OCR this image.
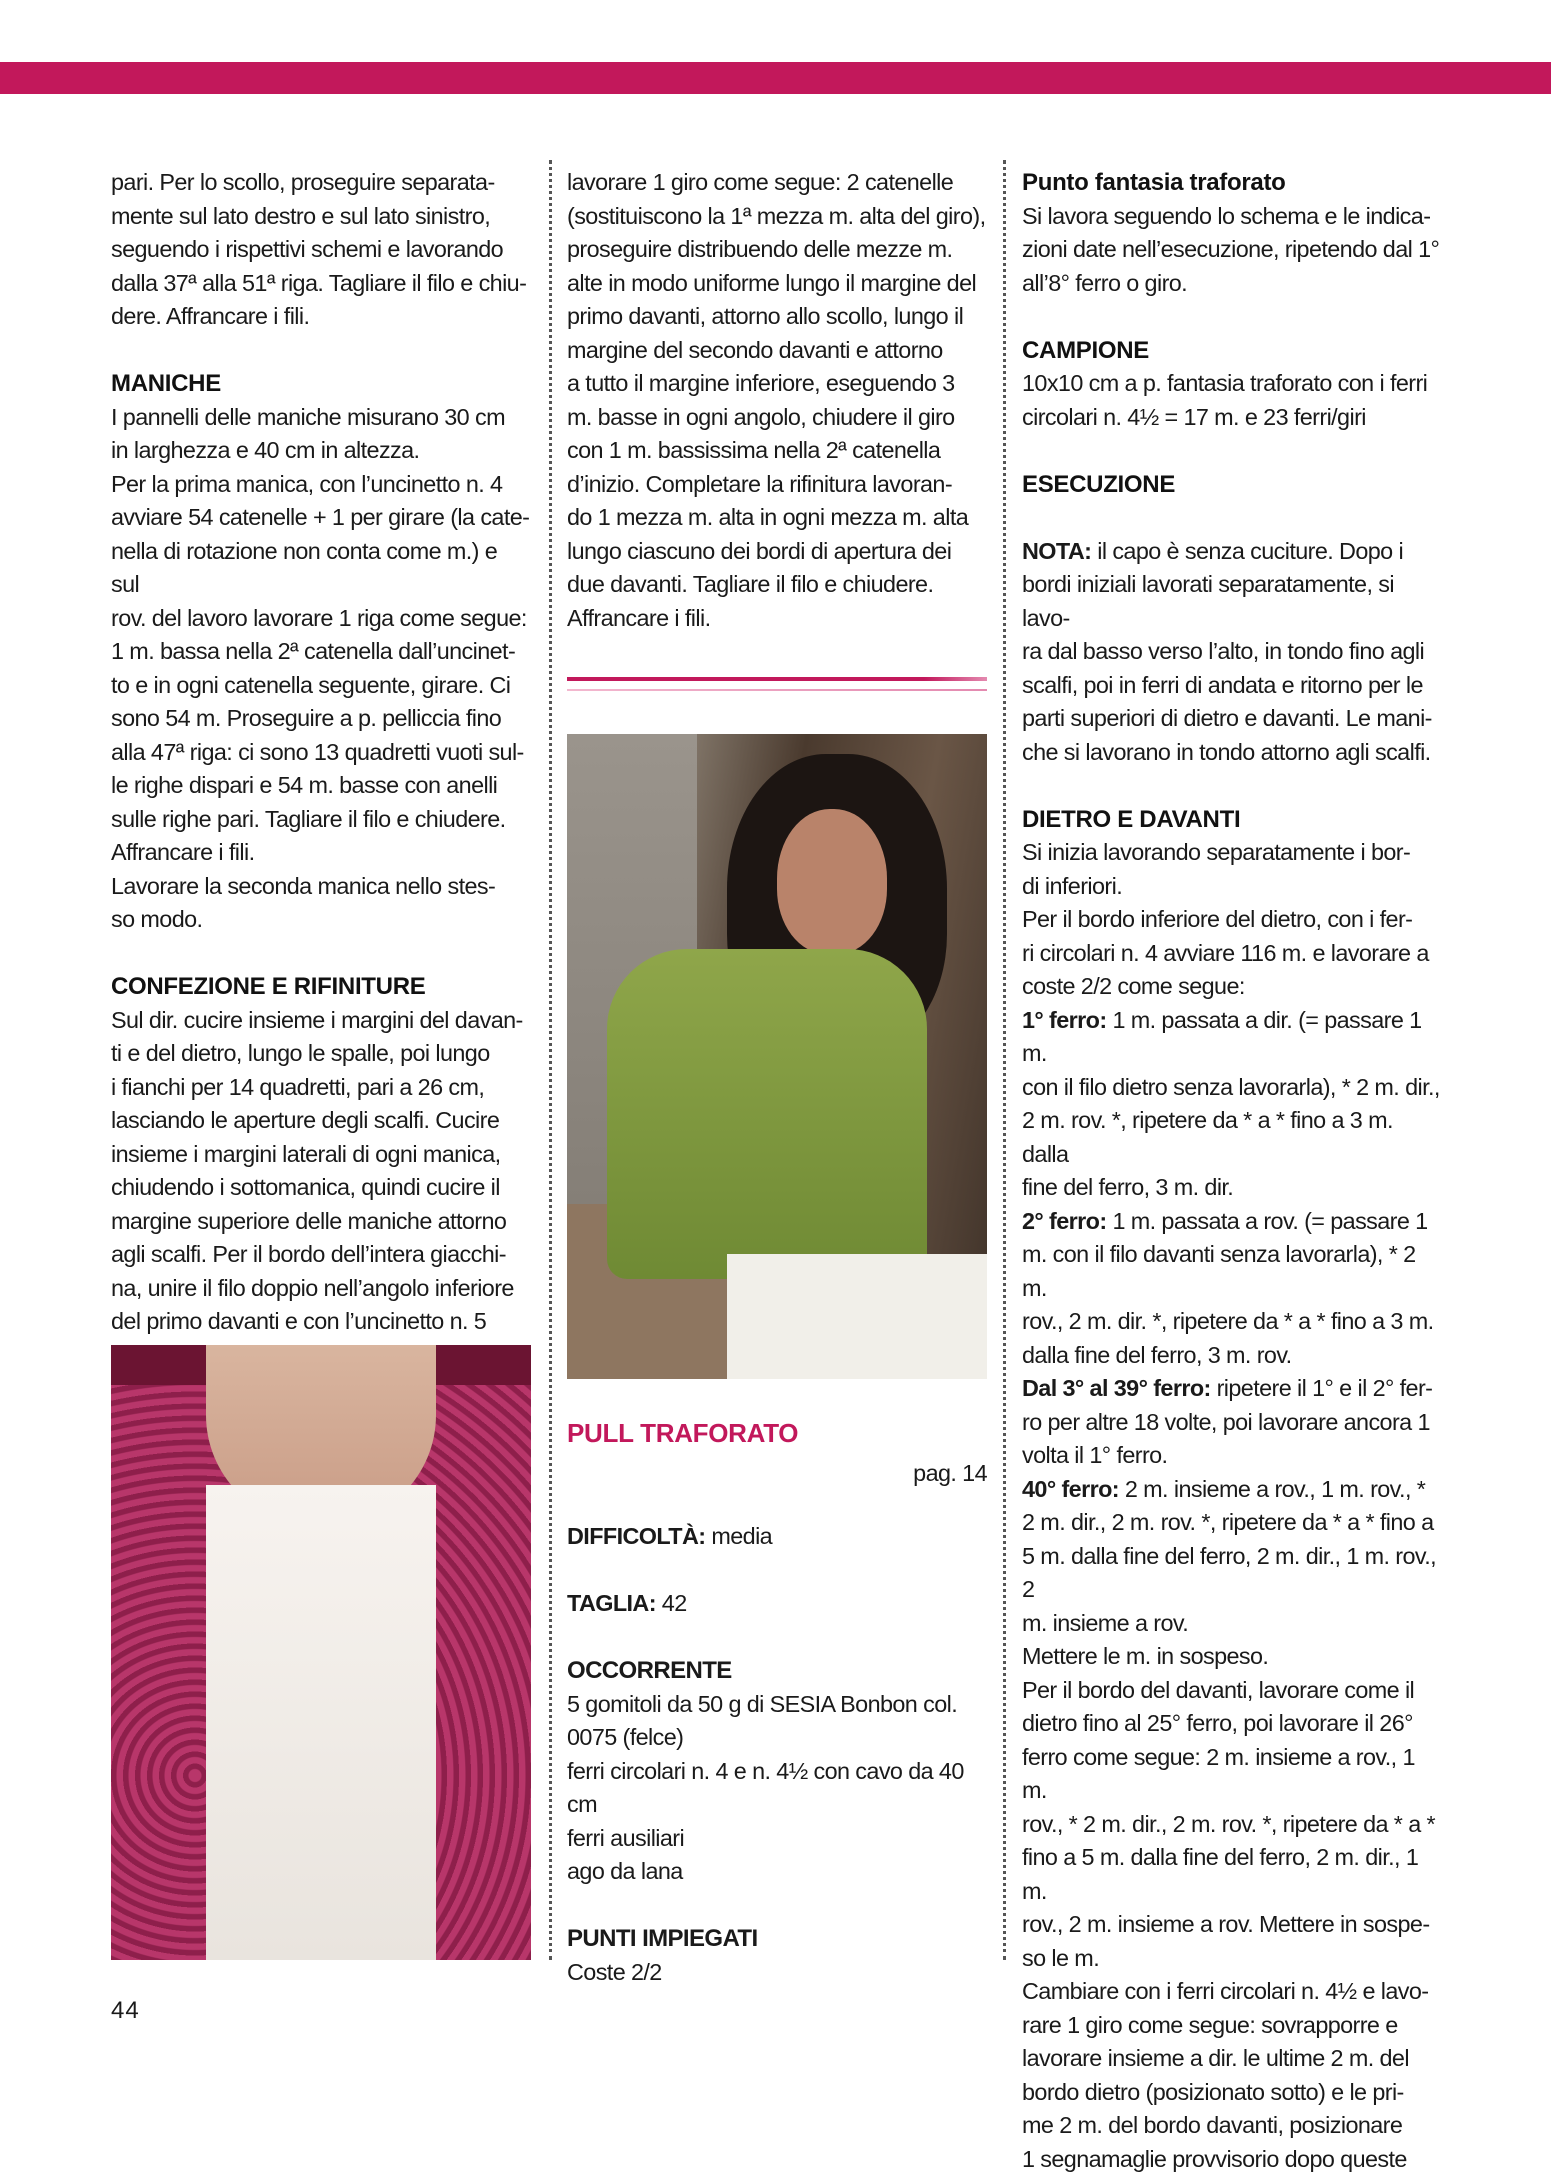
pari. Per lo scollo, proseguire separata-

mente sul lato destro e sul lato sinistro,

seguendo i rispettivi schemi e lavorando

dalla 37ª alla 51ª riga. Tagliare il filo e chiu-

dere. Affrancare i fili.

MANICHE

I pannelli delle maniche misurano 30 cm

in larghezza e 40 cm in altezza.

Per la prima manica, con l’uncinetto n. 4

avviare 54 catenelle + 1 per girare (la cate-

nella di rotazione non conta come m.) e sul

rov. del lavoro lavorare 1 riga come segue:

1 m. bassa nella 2ª catenella dall’uncinet-

to e in ogni catenella seguente, girare. Ci

sono 54 m. Proseguire a p. pelliccia fino

alla 47ª riga: ci sono 13 quadretti vuoti sul-

le righe dispari e 54 m. basse con anelli

sulle righe pari. Tagliare il filo e chiudere.

Affrancare i fili.

Lavorare la seconda manica nello stes-

so modo.

CONFEZIONE E RIFINITURE

Sul dir. cucire insieme i margini del davan-

ti e del dietro, lungo le spalle, poi lungo

i fianchi per 14 quadretti, pari a 26 cm,

lasciando le aperture degli scalfi. Cucire

insieme i margini laterali di ogni manica,

chiudendo i sottomanica, quindi cucire il

margine superiore delle maniche attorno

agli scalfi. Per il bordo dell’intera giacchi-

na, unire il filo doppio nell’angolo inferiore

del primo davanti e con l’uncinetto n. 5

lavorare 1 giro come segue: 2 catenelle

(sostituiscono la 1ª mezza m. alta del giro),

proseguire distribuendo delle mezze m.

alte in modo uniforme lungo il margine del

primo davanti, attorno allo scollo, lungo il

margine del secondo davanti e attorno

a tutto il margine inferiore, eseguendo 3

m. basse in ogni angolo, chiudere il giro

con 1 m. bassissima nella 2ª catenella

d’inizio. Completare la rifinitura lavoran-

do 1 mezza m. alta in ogni mezza m. alta

lungo ciascuno dei bordi di apertura dei

due davanti. Tagliare il filo e chiudere.

Affrancare i fili.

PULL TRAFORATO
pag. 14

DIFFICOLTÀ: media

TAGLIA: 42

OCCORRENTE

5 gomitoli da 50 g di SESIA Bonbon col.

0075 (felce)

ferri circolari n. 4 e n. 4½ con cavo da 40 cm

ferri ausiliari

ago da lana

PUNTI IMPIEGATI

Coste 2/2

Punto fantasia traforato

Si lavora seguendo lo schema e le indica-

zioni date nell’esecuzione, ripetendo dal 1°

all’8° ferro o giro.

CAMPIONE

10x10 cm a p. fantasia traforato con i ferri

circolari n. 4½ = 17 m. e 23 ferri/giri

ESECUZIONE

NOTA: il capo è senza cuciture. Dopo i

bordi iniziali lavorati separatamente, si lavo-

ra dal basso verso l’alto, in tondo fino agli

scalfi, poi in ferri di andata e ritorno per le

parti superiori di dietro e davanti. Le mani-

che si lavorano in tondo attorno agli scalfi.

DIETRO E DAVANTI

Si inizia lavorando separatamente i bor-

di inferiori.

Per il bordo inferiore del dietro, con i fer-

ri circolari n. 4 avviare 116 m. e lavorare a

coste 2/2 come segue:

1° ferro: 1 m. passata a dir. (= passare 1 m.

con il filo dietro senza lavorarla), * 2 m. dir.,

2 m. rov. *, ripetere da * a * fino a 3 m. dalla

fine del ferro, 3 m. dir.

2° ferro: 1 m. passata a rov. (= passare 1

m. con il filo davanti senza lavorarla), * 2 m.

rov., 2 m. dir. *, ripetere da * a * fino a 3 m.

dalla fine del ferro, 3 m. rov.

Dal 3° al 39° ferro: ripetere il 1° e il 2° fer-

ro per altre 18 volte, poi lavorare ancora 1

volta il 1° ferro.

40° ferro: 2 m. insieme a rov., 1 m. rov., *

2 m. dir., 2 m. rov. *, ripetere da * a * fino a

5 m. dalla fine del ferro, 2 m. dir., 1 m. rov., 2

m. insieme a rov.

Mettere le m. in sospeso.

Per il bordo del davanti, lavorare come il

dietro fino al 25° ferro, poi lavorare il 26°

ferro come segue: 2 m. insieme a rov., 1 m.

rov., * 2 m. dir., 2 m. rov. *, ripetere da * a *

fino a 5 m. dalla fine del ferro, 2 m. dir., 1 m.

rov., 2 m. insieme a rov. Mettere in sospe-

so le m.

Cambiare con i ferri circolari n. 4½ e lavo-

rare 1 giro come segue: sovrapporre e

lavorare insieme a dir. le ultime 2 m. del

bordo dietro (posizionato sotto) e le pri-

me 2 m. del bordo davanti, posizionare

1 segnamaglie provvisorio dopo queste

44
